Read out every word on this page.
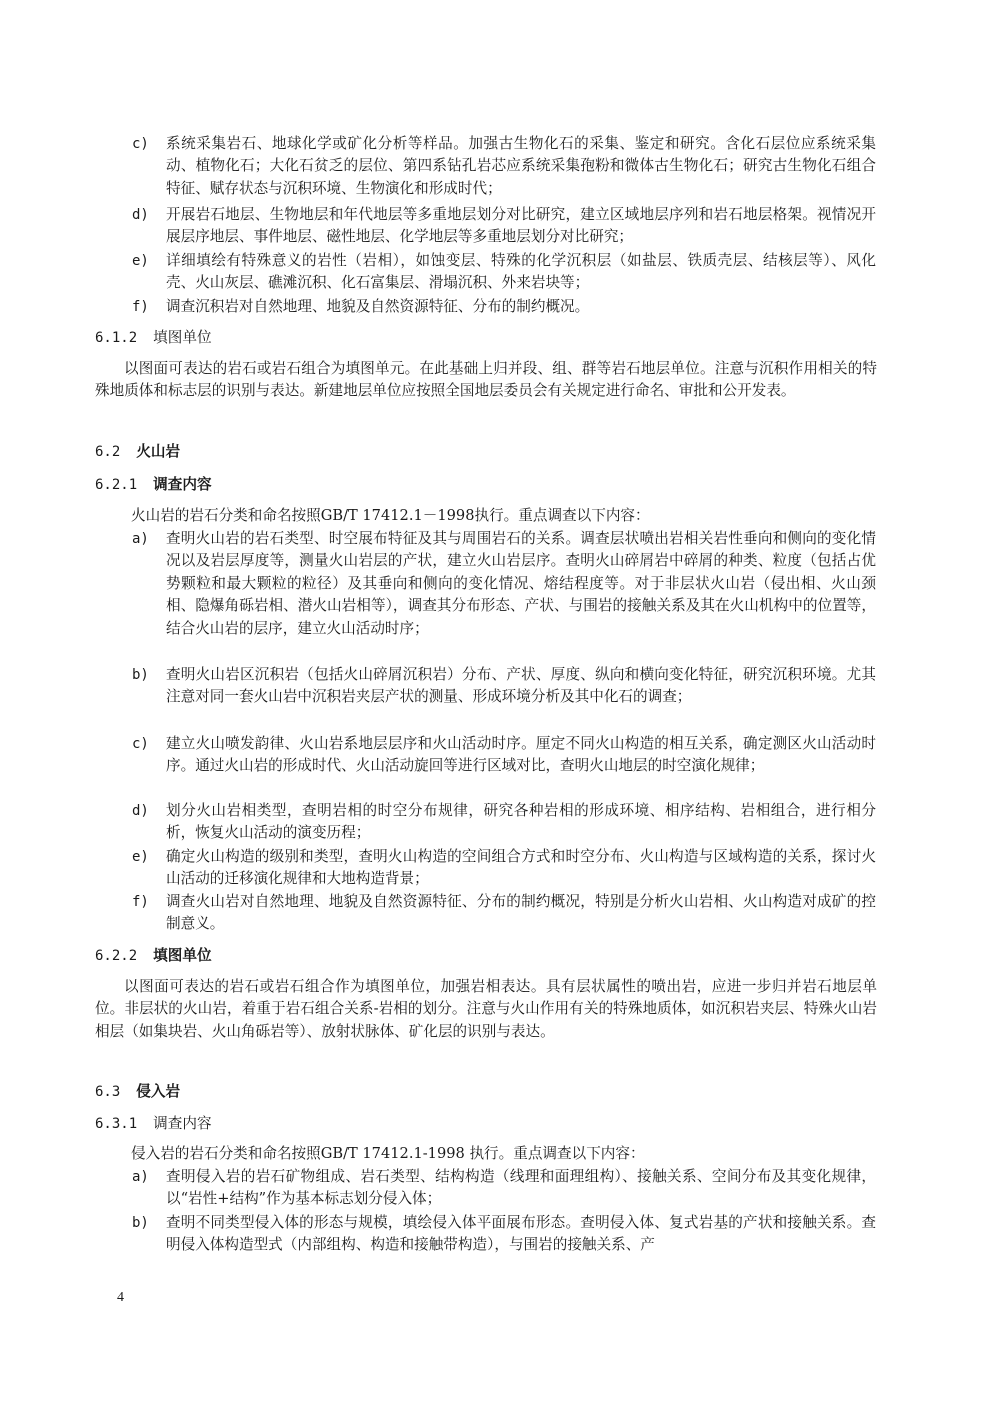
c)	系统采集岩石、地球化学或矿化分析等样品。加强古生物化石的采集、鉴定和研究。含化石层位应系统采集动、植物化石；大化石贫乏的层位、第四系钻孔岩芯应系统采集孢粉和微体古生物化石；研究古生物化石组合特征、赋存状态与沉积环境、生物演化和形成时代；
d)	开展岩石地层、生物地层和年代地层等多重地层划分对比研究，建立区域地层序列和岩石地层格架。视情况开展层序地层、事件地层、磁性地层、化学地层等多重地层划分对比研究；
e)	详细填绘有特殊意义的岩性（岩相），如蚀变层、特殊的化学沉积层（如盐层、铁质壳层、结核层等）、风化壳、火山灰层、礁滩沉积、化石富集层、滑塌沉积、外来岩块等；
f)	调查沉积岩对自然地理、地貌及自然资源特征、分布的制约概况。
6.1.2 填图单位
以图面可表达的岩石或岩石组合为填图单元。在此基础上归并段、组、群等岩石地层单位。注意与沉积作用相关的特殊地质体和标志层的识别与表达。新建地层单位应按照全国地层委员会有关规定进行命名、审批和公开发表。
6.2 火山岩
6.2.1 调查内容
火山岩的岩石分类和命名按照GB/T 17412.1－1998执行。重点调查以下内容：
a)	查明火山岩的岩石类型、时空展布特征及其与周围岩石的关系。调查层状喷出岩相关岩性垂向和侧向的变化情况以及岩层厚度等，测量火山岩层的产状，建立火山岩层序。查明火山碎屑岩中碎屑的种类、粒度（包括占优势颗粒和最大颗粒的粒径）及其垂向和侧向的变化情况、熔结程度等。对于非层状火山岩（侵出相、火山颈相、隐爆角砾岩相、潜火山岩相等），调查其分布形态、产状、与围岩的接触关系及其在火山机构中的位置等，结合火山岩的层序，建立火山活动时序；
b)	查明火山岩区沉积岩（包括火山碎屑沉积岩）分布、产状、厚度、纵向和横向变化特征，研究沉积环境。尤其注意对同一套火山岩中沉积岩夹层产状的测量、形成环境分析及其中化石的调查；
c)	建立火山喷发韵律、火山岩系地层层序和火山活动时序。厘定不同火山构造的相互关系，确定测区火山活动时序。通过火山岩的形成时代、火山活动旋回等进行区域对比，查明火山地层的时空演化规律；
d)	划分火山岩相类型，查明岩相的时空分布规律，研究各种岩相的形成环境、相序结构、岩相组合，进行相分析，恢复火山活动的演变历程；
e)	确定火山构造的级别和类型，查明火山构造的空间组合方式和时空分布、火山构造与区域构造的关系，探讨火山活动的迁移演化规律和大地构造背景；
f)	调查火山岩对自然地理、地貌及自然资源特征、分布的制约概况，特别是分析火山岩相、火山构造对成矿的控制意义。
6.2.2 填图单位
以图面可表达的岩石或岩石组合作为填图单位，加强岩相表达。具有层状属性的喷出岩，应进一步归并岩石地层单位。非层状的火山岩，着重于岩石组合关系-岩相的划分。注意与火山作用有关的特殊地质体，如沉积岩夹层、特殊火山岩相层（如集块岩、火山角砾岩等）、放射状脉体、矿化层的识别与表达。
6.3 侵入岩
6.3.1 调查内容
侵入岩的岩石分类和命名按照GB/T 17412.1-1998 执行。重点调查以下内容：
a)	查明侵入岩的岩石矿物组成、岩石类型、结构构造（线理和面理组构）、接触关系、空间分布及其变化规律，以“岩性+结构”作为基本标志划分侵入体；
b)	查明不同类型侵入体的形态与规模，填绘侵入体平面展布形态。查明侵入体、复式岩基的产状和接触关系。查明侵入体构造型式（内部组构、构造和接触带构造），与围岩的接触关系、产
4
